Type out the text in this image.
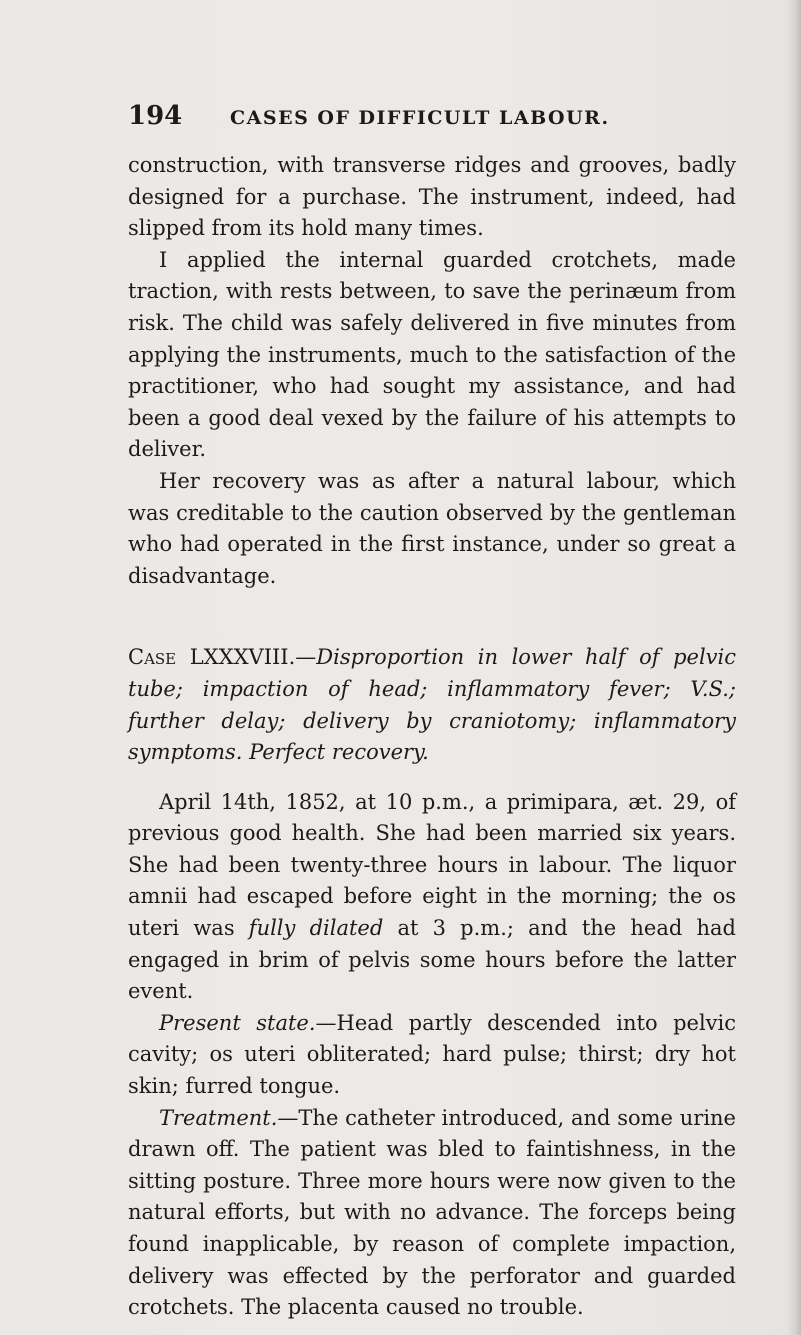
194	CASES OF DIFFICULT LABOUR.

construction, with transverse ridges and grooves, badly designed for a purchase. The instrument, indeed, had slipped from its hold many times.

I applied the internal guarded crotchets, made traction, with rests between, to save the perinæum from risk. The child was safely delivered in five minutes from applying the instruments, much to the satisfaction of the practitioner, who had sought my assistance, and had been a good deal vexed by the failure of his attempts to deliver.

Her recovery was as after a natural labour, which was creditable to the caution observed by the gentleman who had operated in the first instance, under so great a disadvantage.

Case LXXXVIII.—Disproportion in lower half of pelvic tube; impaction of head; inflammatory fever; V.S.; further delay; delivery by craniotomy; inflammatory symptoms. Perfect recovery.

April 14th, 1852, at 10 p.m., a primipara, æt. 29, of previous good health. She had been married six years. She had been twenty-three hours in labour. The liquor amnii had escaped before eight in the morning; the os uteri was fully dilated at 3 p.m.; and the head had engaged in brim of pelvis some hours before the latter event.

Present state.—Head partly descended into pelvic cavity; os uteri obliterated; hard pulse; thirst; dry hot skin; furred tongue.

Treatment.—The catheter introduced, and some urine drawn off. The patient was bled to faintishness, in the sitting posture. Three more hours were now given to the natural efforts, but with no advance. The forceps being found inapplicable, by reason of complete impaction, delivery was effected by the perforator and guarded crotchets. The placenta caused no trouble.
